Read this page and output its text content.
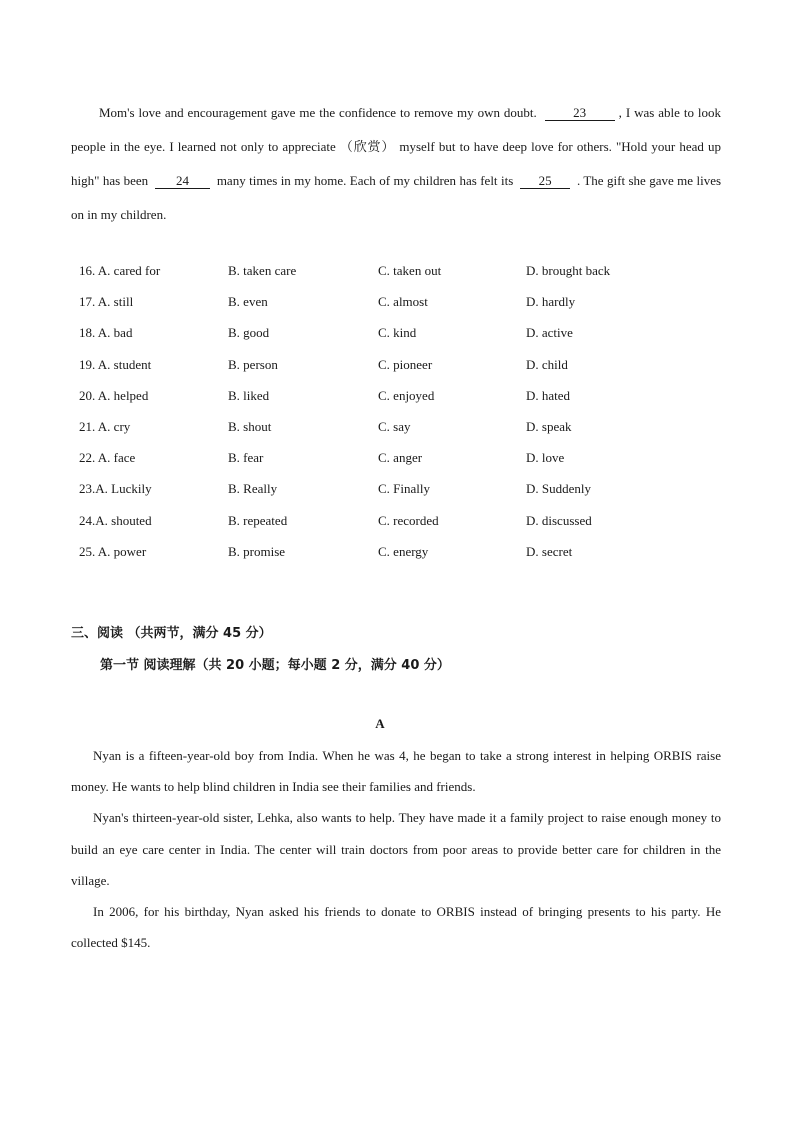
Mom's love and encouragement gave me the confidence to remove my own doubt.	23 , I was able to look people in the eye. I learned not only to appreciate （欣赏） myself but to have deep love for others. "Hold your head up high" has been 24 many times in my home. Each of my children has felt its 25 . The gift she gave me lives on in my children.

16. A. cared for	B. taken care	C. taken out	D. brought back
17. A. still	B. even	C. almost	D. hardly
18. A. bad	B. good	C. kind	D. active
19. A. student	B. person	C. pioneer	D. child
20. A. helped	B. liked	C. enjoyed	D. hated
21. A. cry	B. shout	C. say	D. speak
22. A. face	B. fear	C. anger	D. love
23.A. Luckily	B. Really	C. Finally	D. Suddenly
24.A. shouted	B. repeated	C. recorded	D. discussed
25. A. power	B. promise	C. energy	D. secret
三、阅读 （共两节，满分 45 分）
第一节 阅读理解（共 20 小题；每小题 2 分，满分 40 分）
A

Nyan is a fifteen-year-old boy from India. When he was 4, he began to take a strong interest in helping ORBIS raise money. He wants to help blind children in India see their families and friends.

Nyan's thirteen-year-old sister, Lehka, also wants to help. They have made it a family project to raise enough money to build an eye care center in India. The center will train doctors from poor areas to provide better care for children in the village.

In 2006, for his birthday, Nyan asked his friends to donate to ORBIS instead of bringing presents to his party. He collected $145.
